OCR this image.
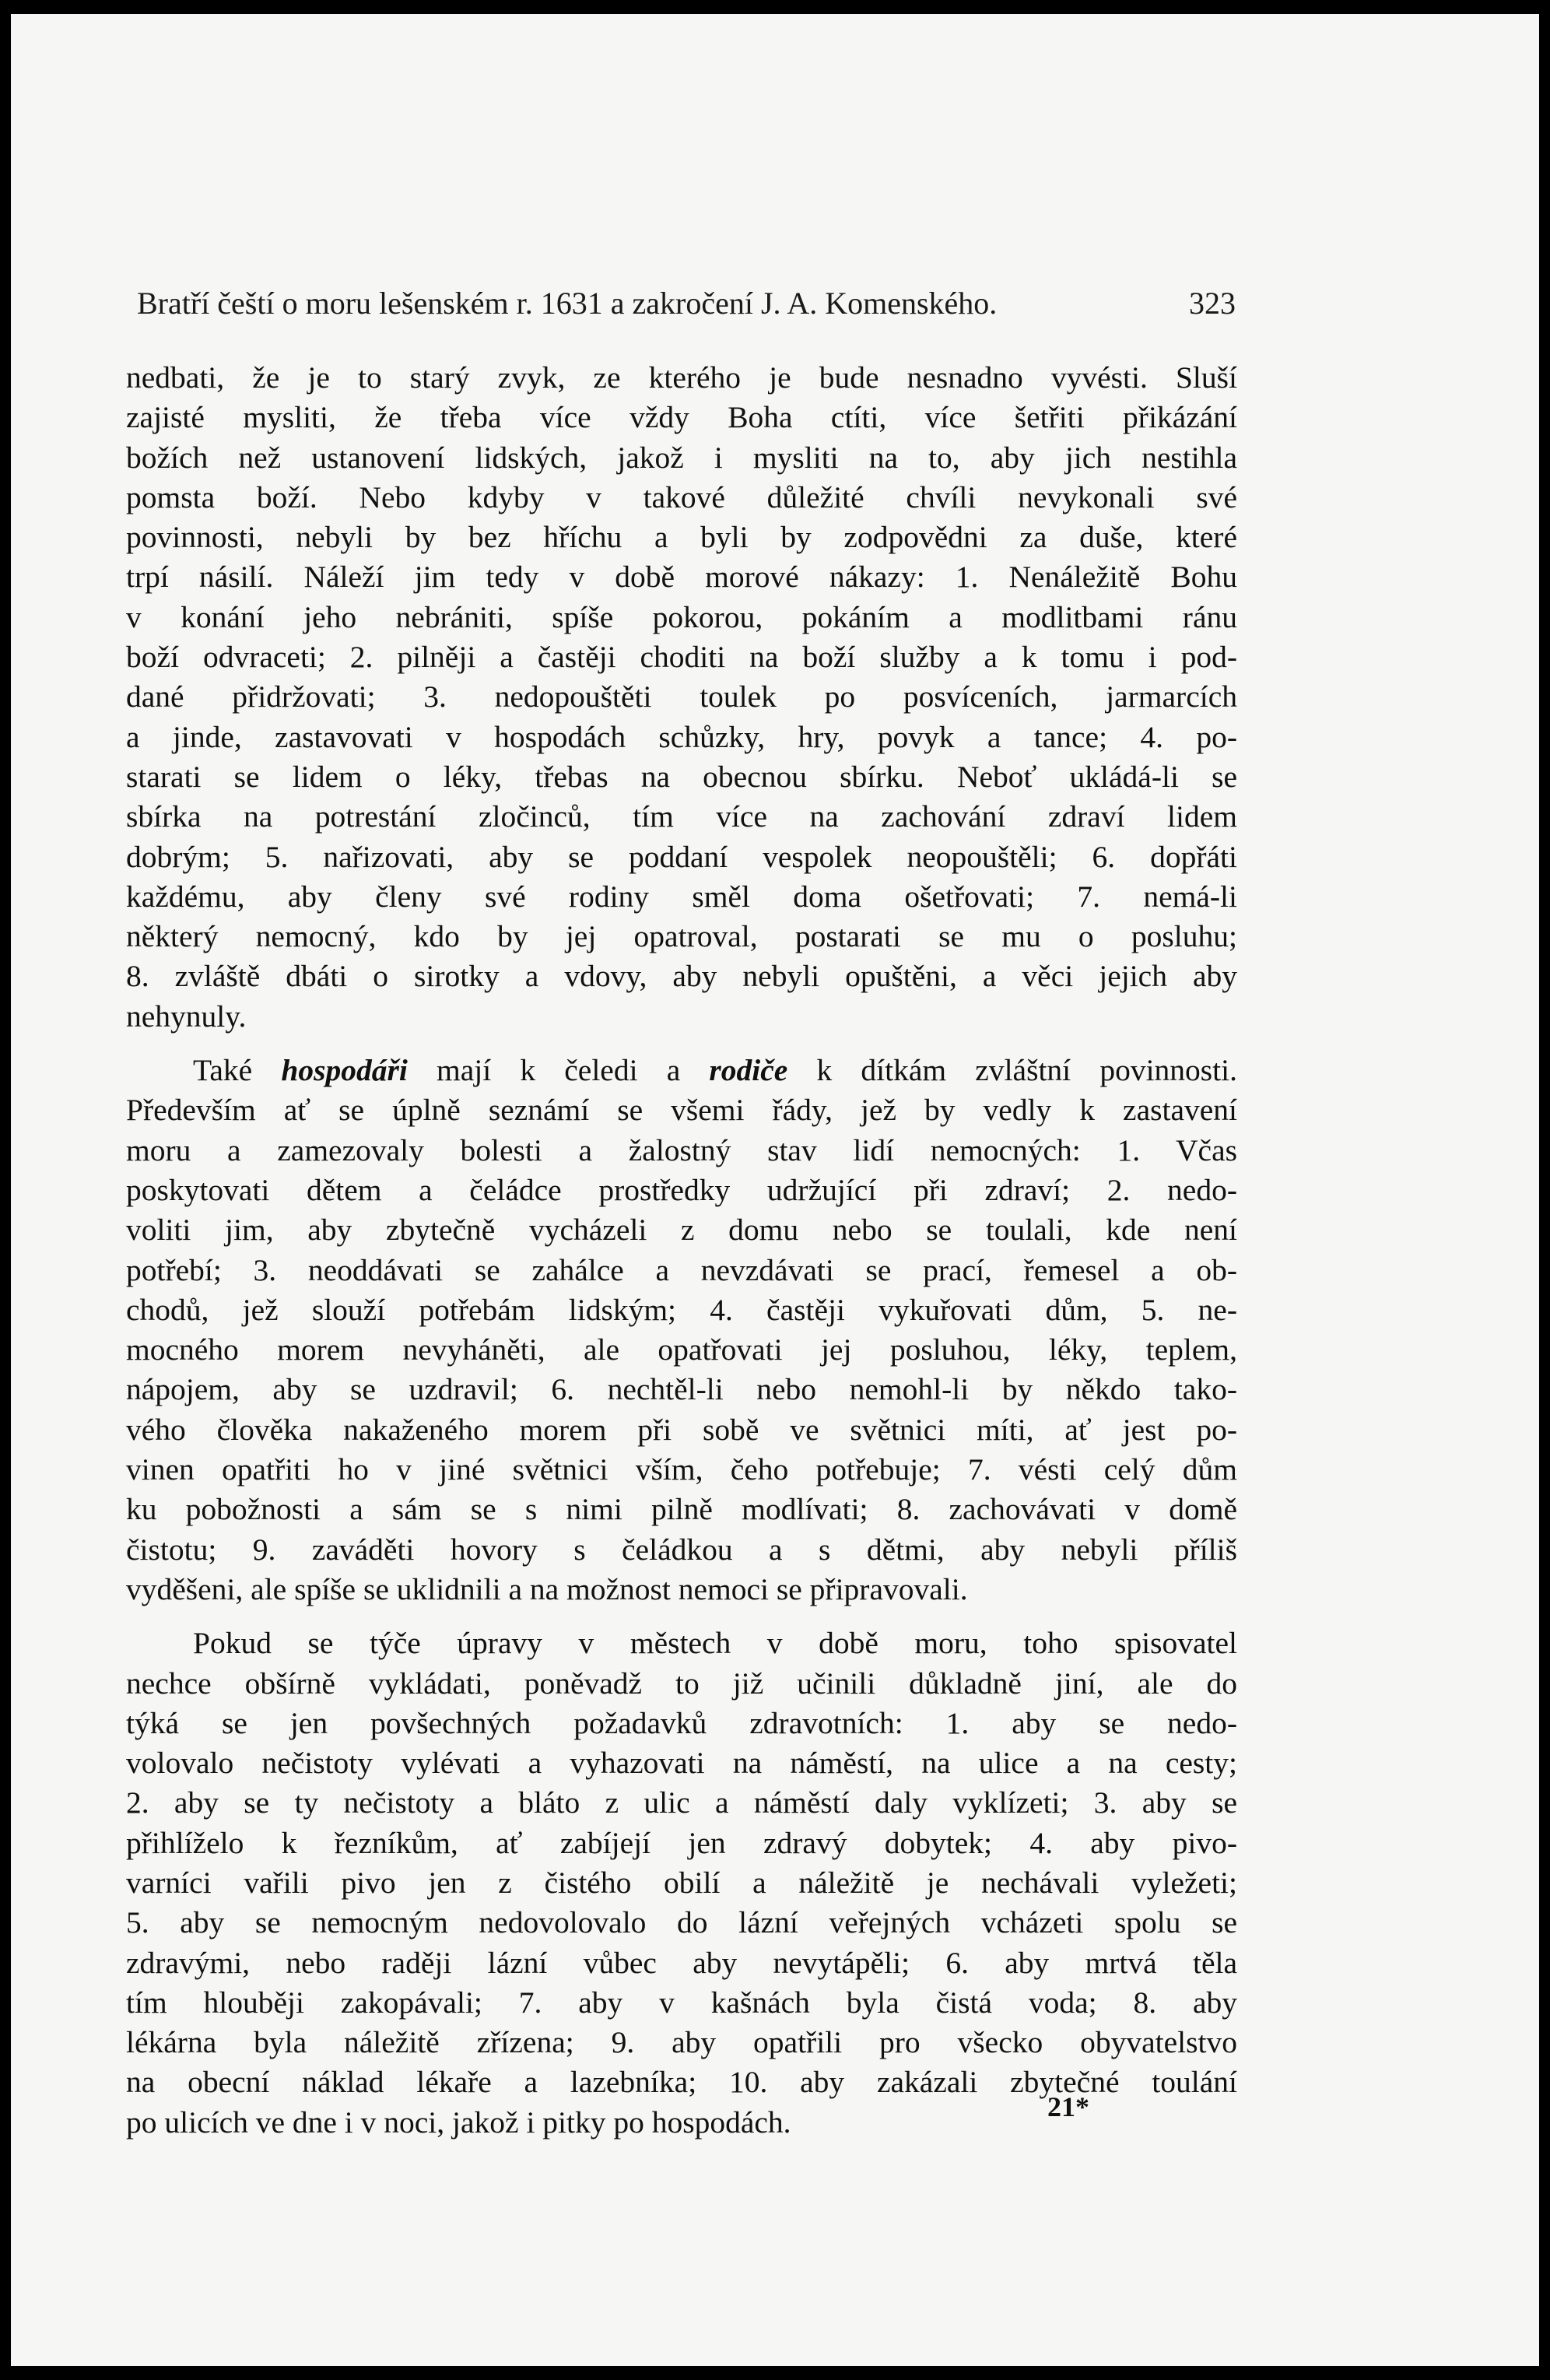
Bratří čeští o moru lešenském r. 1631 a zakročení J. A. Komenského.	323
nedbati, že je to starý zvyk, ze kterého je bude nesnadno vyvésti. Sluší
zajisté mysliti, že třeba více vždy Boha ctíti, více šetřiti přikázání
božích než ustanovení lidských, jakož i mysliti na to, aby jich nestihla
pomsta boží. Nebo kdyby v takové důležité chvíli nevykonali své
povinnosti, nebyli by bez hříchu a byli by zodpovědni za duše, které
trpí násilí. Náleží jim tedy v době morové nákazy: 1. Nenáležitě Bohu
v konání jeho nebrániti, spíše pokorou, pokáním a modlitbami ránu
boží odvraceti; 2. pilněji a častěji choditi na boží služby a k tomu i pod-
dané přidržovati; 3. nedopouštěti toulek po posvíceních, jarmarcích
a jinde, zastavovati v hospodách schůzky, hry, povyk a tance; 4. po-
starati se lidem o léky, třebas na obecnou sbírku. Neboť ukládá-li se
sbírka na potrestání zločinců, tím více na zachování zdraví lidem
dobrým; 5. nařizovati, aby se poddaní vespolek neopouštěli; 6. dopřáti
každému, aby členy své rodiny směl doma ošetřovati; 7. nemá-li
některý nemocný, kdo by jej opatroval, postarati se mu o posluhu;
8. zvláště dbáti o sirotky a vdovy, aby nebyli opuštěni, a věci jejich aby
nehynuly.
Také hospodáři mají k čeledi a rodiče k dítkám zvláštní povinnosti.
Především ať se úplně seznámí se všemi řády, jež by vedly k zastavení
moru a zamezovaly bolesti a žalostný stav lidí nemocných: 1. Včas
poskytovati dětem a čeládce prostředky udržující při zdraví; 2. nedo-
voliti jim, aby zbytečně vycházeli z domu nebo se toulali, kde není
potřebí; 3. neoddávati se zahálce a nevzdávati se prací, řemesel a ob-
chodů, jež slouží potřebám lidským; 4. častěji vykuřovati dům, 5. ne-
mocného morem nevyháněti, ale opatřovati jej posluhou, léky, teplem,
nápojem, aby se uzdravil; 6. nechtěl-li nebo nemohl-li by někdo tako-
vého člověka nakaženého morem při sobě ve světnici míti, ať jest po-
vinen opatřiti ho v jiné světnici vším, čeho potřebuje; 7. vésti celý dům
ku pobožnosti a sám se s nimi pilně modlívati; 8. zachovávati v domě
čistotu; 9. zaváděti hovory s čeládkou a s dětmi, aby nebyli příliš
vyděšeni, ale spíše se uklidnili a na možnost nemoci se připravovali.
Pokud se týče úpravy v městech v době moru, toho spisovatel
nechce obšírně vykládati, poněvadž to již učinili důkladně jiní, ale do
týká se jen povšechných požadavků zdravotních: 1. aby se nedo-
volovalo nečistoty vylévati a vyhazovati na náměstí, na ulice a na cesty;
2. aby se ty nečistoty a bláto z ulic a náměstí daly vyklízeti; 3. aby se
přihlíželo k řezníkům, ať zabíjejí jen zdravý dobytek; 4. aby pivo-
varníci vařili pivo jen z čistého obilí a náležitě je nechávali vyležeti;
5. aby se nemocným nedovolovalo do lázní veřejných vcházeti spolu se
zdravými, nebo raději lázní vůbec aby nevytápěli; 6. aby mrtvá těla
tím hlouběji zakopávali; 7. aby v kašnách byla čistá voda; 8. aby
lékárna byla náležitě zřízena; 9. aby opatřili pro všecko obyvatelstvo
na obecní náklad lékaře a lazebníka; 10. aby zakázali zbytečné toulání
po ulicích ve dne i v noci, jakož i pitky po hospodách.	21*
